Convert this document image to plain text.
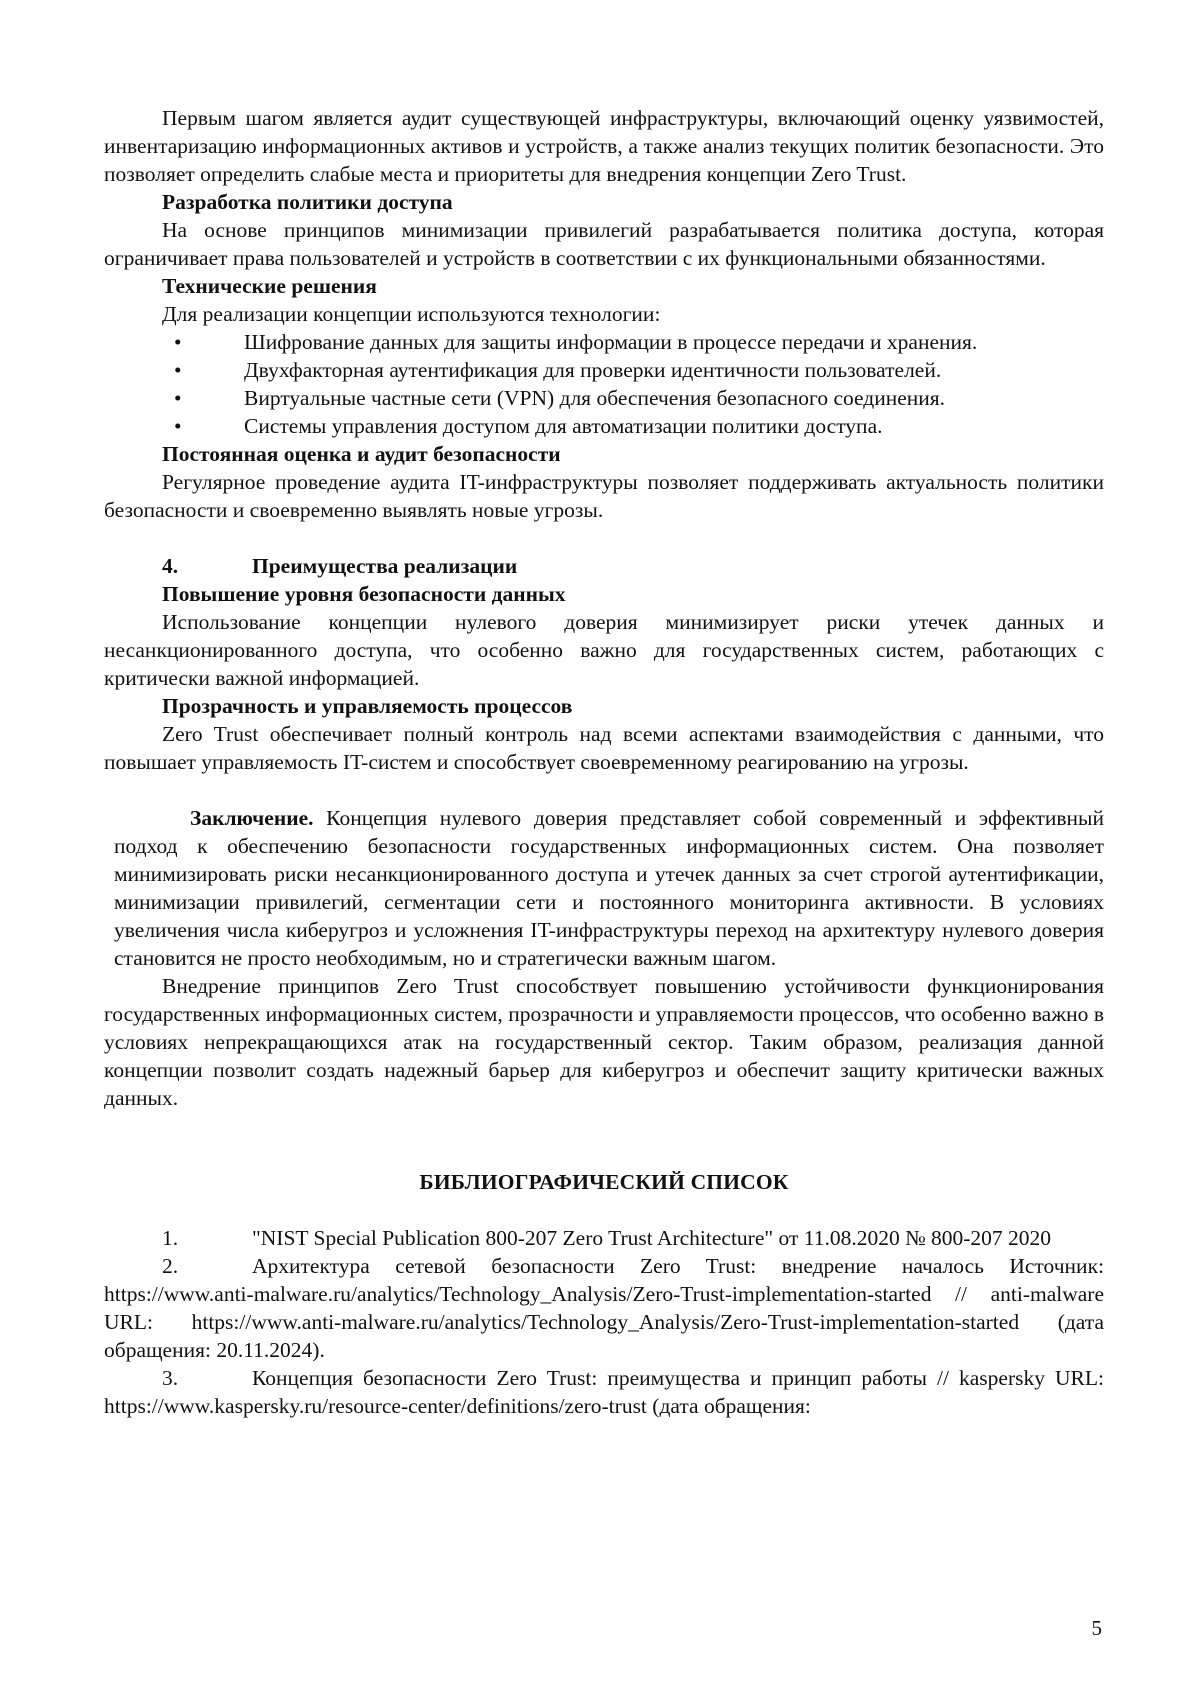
Первым шагом является аудит существующей инфраструктуры, включающий оценку уязвимостей, инвентаризацию информационных активов и устройств, а также анализ текущих политик безопасности. Это позволяет определить слабые места и приоритеты для внедрения концепции Zero Trust.

Разработка политики доступа

На основе принципов минимизации привилегий разрабатывается политика доступа, которая ограничивает права пользователей и устройств в соответствии с их функциональными обязанностями.

Технические решения

Для реализации концепции используются технологии:

•	Шифрование данных для защиты информации в процессе передачи и хранения.
•	Двухфакторная аутентификация для проверки идентичности пользователей.
•	Виртуальные частные сети (VPN) для обеспечения безопасного соединения.
•	Системы управления доступом для автоматизации политики доступа.

Постоянная оценка и аудит безопасности

Регулярное проведение аудита IT-инфраструктуры позволяет поддерживать актуальность политики безопасности и своевременно выявлять новые угрозы.

4.	Преимущества реализации

Повышение уровня безопасности данных

Использование концепции нулевого доверия минимизирует риски утечек данных и несанкционированного доступа, что особенно важно для государственных систем, работающих с критически важной информацией.

Прозрачность и управляемость процессов

Zero Trust обеспечивает полный контроль над всеми аспектами взаимодействия с данными, что повышает управляемость IT-систем и способствует своевременному реагированию на угрозы.

Заключение. Концепция нулевого доверия представляет собой современный и эффективный подход к обеспечению безопасности государственных информационных систем. Она позволяет минимизировать риски несанкционированного доступа и утечек данных за счет строгой аутентификации, минимизации привилегий, сегментации сети и постоянного мониторинга активности. В условиях увеличения числа киберугроз и усложнения IT-инфраструктуры переход на архитектуру нулевого доверия становится не просто необходимым, но и стратегически важным шагом.

Внедрение принципов Zero Trust способствует повышению устойчивости функционирования государственных информационных систем, прозрачности и управляемости процессов, что особенно важно в условиях непрекращающихся атак на государственный сектор. Таким образом, реализация данной концепции позволит создать надежный барьер для киберугроз и обеспечит защиту критически важных данных.

БИБЛИОГРАФИЧЕСКИЙ СПИСОК

1.	"NIST Special Publication 800-207 Zero Trust Architecture" от 11.08.2020 № 800-207 2020

2.	Архитектура сетевой безопасности Zero Trust: внедрение началось Источник: https://www.anti-malware.ru/analytics/Technology_Analysis/Zero-Trust-implementation-started // anti-malware URL: https://www.anti-malware.ru/analytics/Technology_Analysis/Zero-Trust-implementation-started (дата обращения: 20.11.2024).

3.	Концепция безопасности Zero Trust: преимущества и принцип работы // kaspersky URL: https://www.kaspersky.ru/resource-center/definitions/zero-trust (дата обращения:

5
